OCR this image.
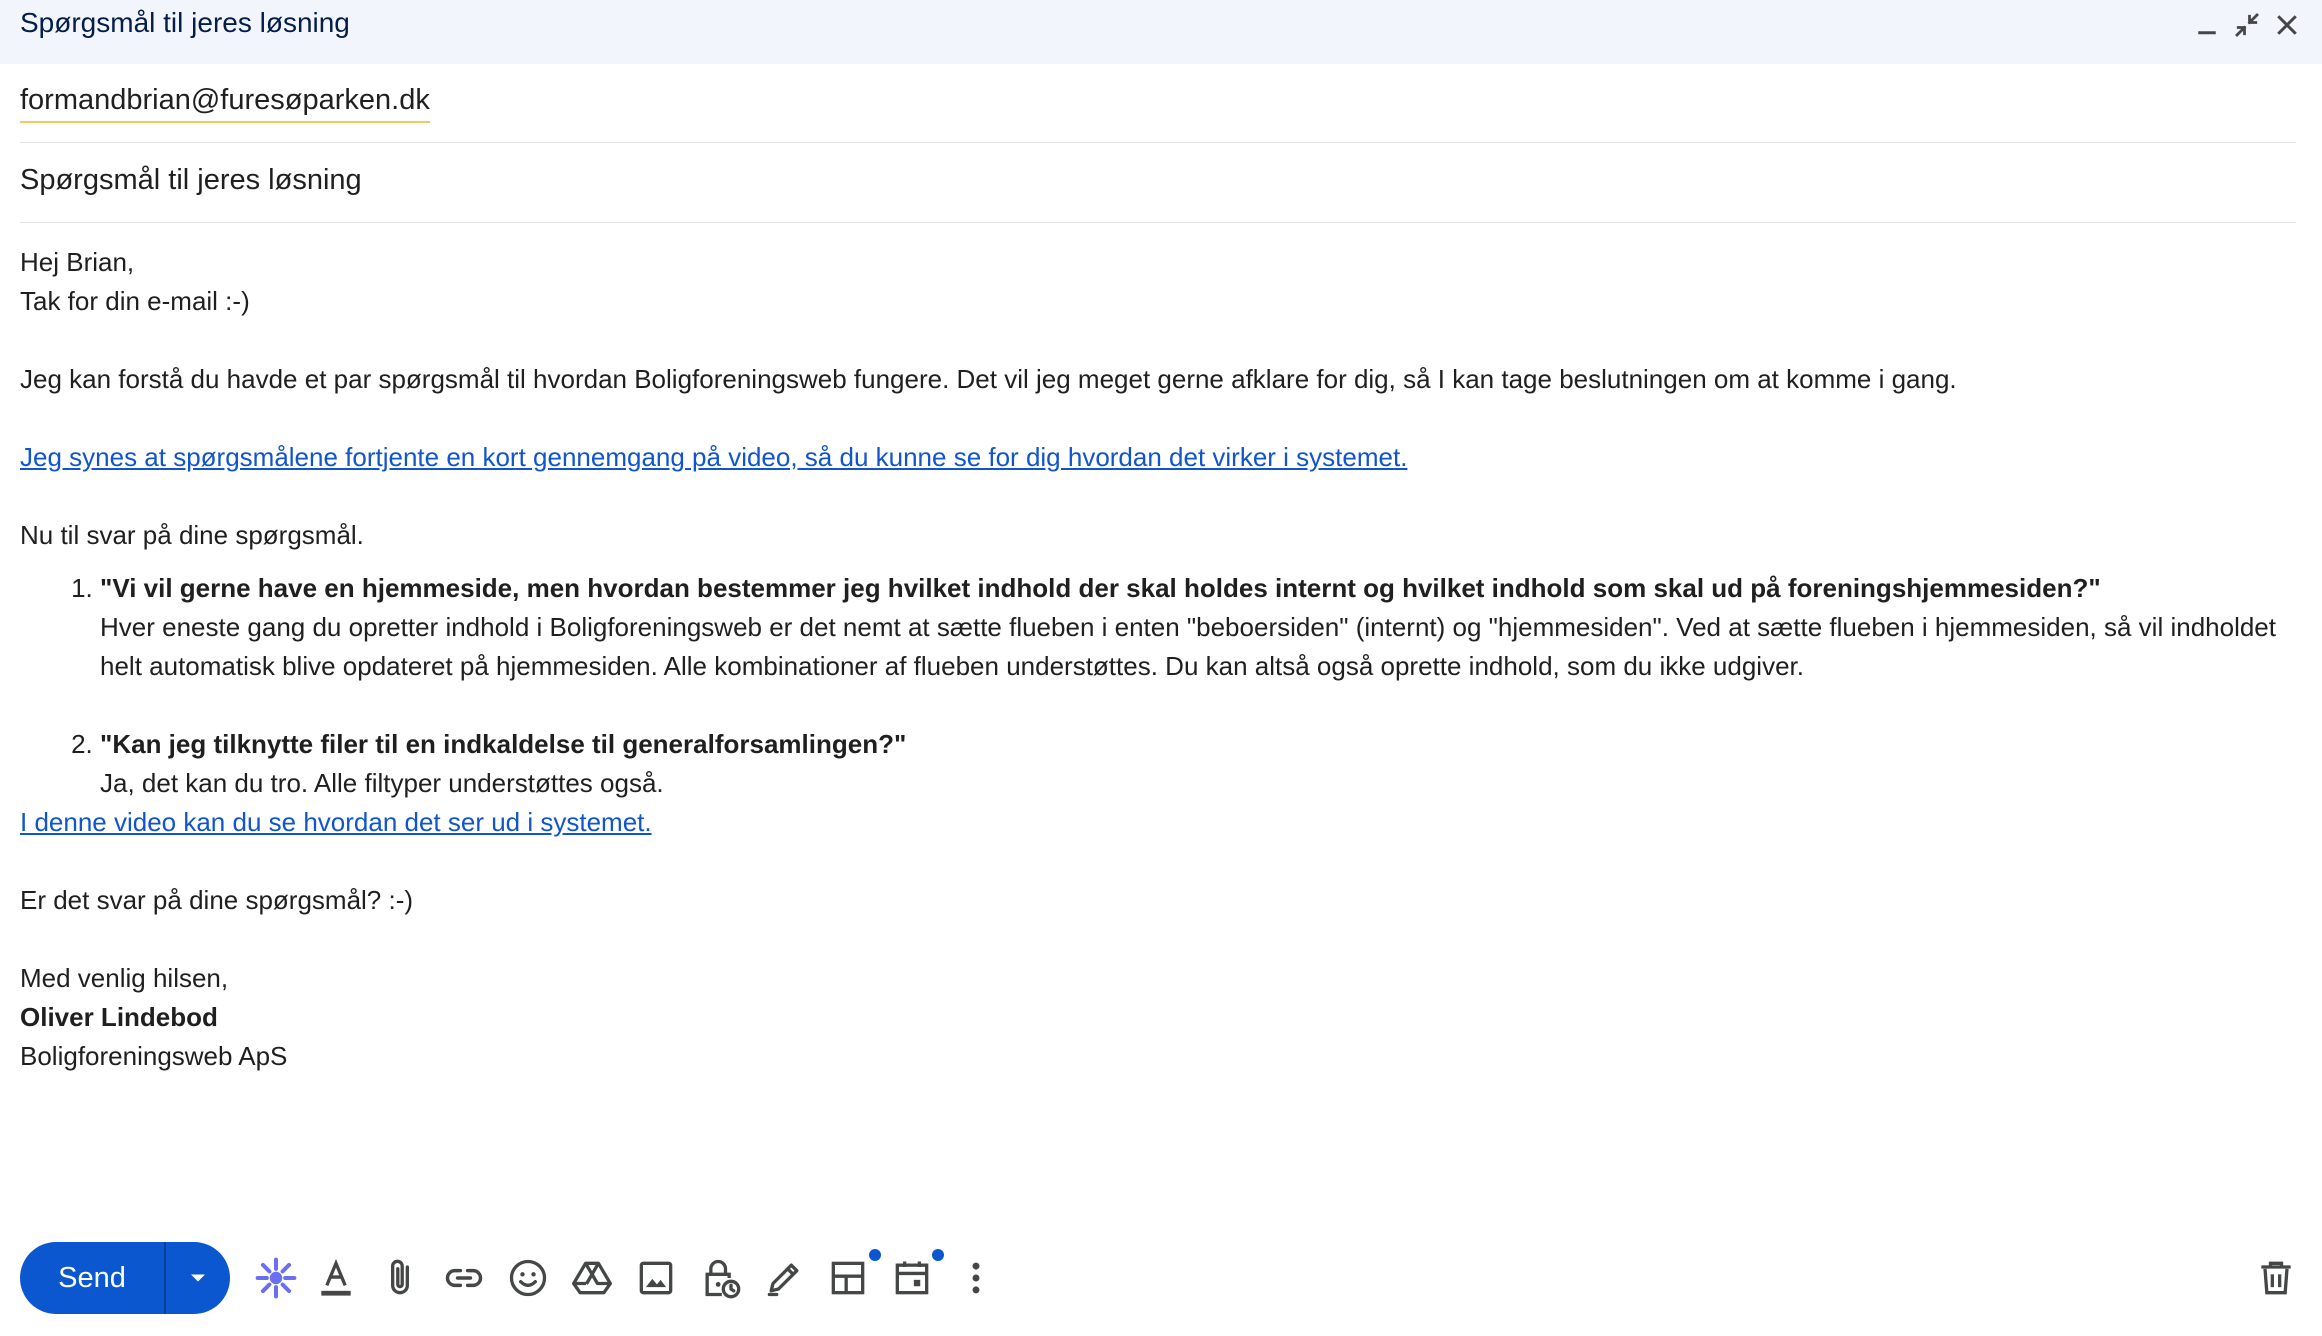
Spørgsmål til jeres løsning
formandbrian@furesøparken.dk
Spørgsmål til jeres løsning

Hej Brian,

Tak for din e-mail :-)

Jeg kan forstå du havde et par spørgsmål til hvordan Boligforeningsweb fungere. Det vil jeg meget gerne afklare for dig, så I kan tage beslutningen om at komme i gang.

Jeg synes at spørgsmålene fortjente en kort gennemgang på video, så du kunne se for dig hvordan det virker i systemet.

Nu til svar på dine spørgsmål.

1. "Vi vil gerne have en hjemmeside, men hvordan bestemmer jeg hvilket indhold der skal holdes internt og hvilket indhold som skal ud på foreningshjemmesiden?"
Hver eneste gang du opretter indhold i Boligforeningsweb er det nemt at sætte flueben i enten "beboersiden" (internt) og "hjemmesiden". Ved at sætte flueben i hjemmesiden, så vil indholdet helt automatisk blive opdateret på hjemmesiden. Alle kombinationer af flueben understøttes. Du kan altså også oprette indhold, som du ikke udgiver.
2. "Kan jeg tilknytte filer til en indkaldelse til generalforsamlingen?"
Ja, det kan du tro. Alle filtyper understøttes også.

I denne video kan du se hvordan det ser ud i systemet.

Er det svar på dine spørgsmål? :-)

Med venlig hilsen,

Oliver Lindebod

Boligforeningsweb ApS

Send
